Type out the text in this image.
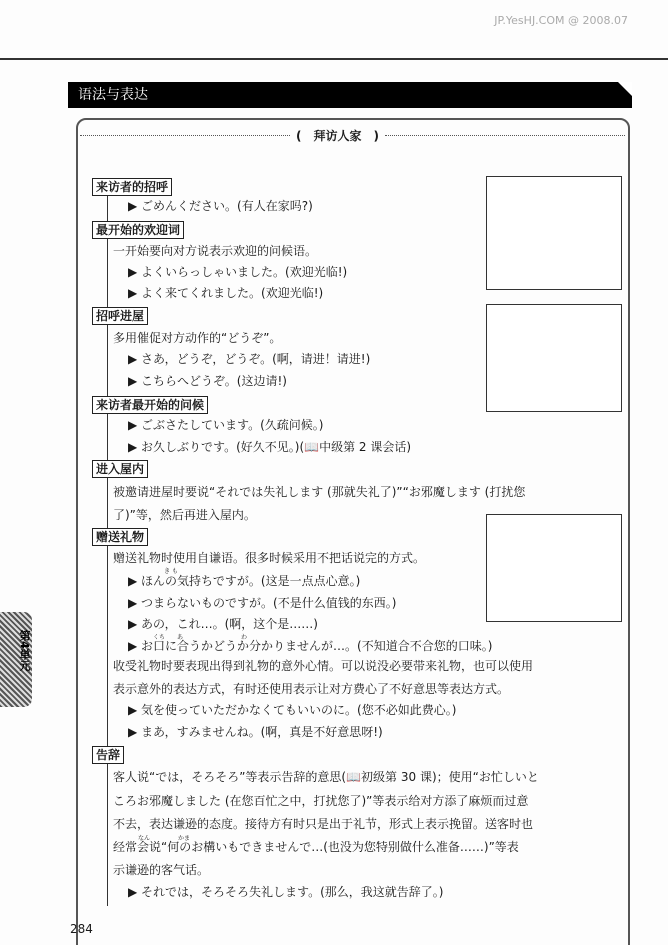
JP.YesHJ.COM @ 2008.07
语法与表达
(　拜访人家　)
来访者的招呼
▶ ごめんください。(有人在家吗?)
最开始的欢迎词
一开始要向对方说表示欢迎的问候语。
▶ よくいらっしゃいました。(欢迎光临!)
▶ よく来てくれました。(欢迎光临!)
招呼进屋
多用催促对方动作的“どうぞ”。
▶ さあ，どうぞ，どうぞ。(啊，请进！请进!)
▶ こちらへどうぞ。(这边请!)
来访者最开始的问候
▶ ごぶさたしています。(久疏问候。)
▶ お久しぶりです。(好久不见。)(📖中级第 2 课会话)
进入屋内
被邀请进屋时要说“それでは失礼します (那就失礼了)”“お邪魔します (打扰您
了)”等，然后再进入屋内。
赠送礼物
赠送礼物时使用自谦语。很多时候采用不把话说完的方式。
き も
▶ ほんの気持ちですが。(这是一点点心意。)
▶ つまらないものですが。(不是什么值钱的东西。)
▶ あの，これ…。(啊，这个是……)
くち あ	わ
▶ お口に合うかどうか分かりませんが…。(不知道合不合您的口味。)
收受礼物时要表现出得到礼物的意外心情。可以说没必要带来礼物，也可以使用
表示意外的表达方式，有时还使用表示让对方费心了不好意思等表达方式。
▶ 気を使っていただかなくてもいいのに。(您不必如此费心。)
▶ まあ，すみませんね。(啊，真是不好意思呀!)
告辞
客人说“では，そろそろ”等表示告辞的意思(📖初级第 30 课)；使用“お忙しいと
ころお邪魔しました (在您百忙之中，打扰您了)”等表示给对方添了麻烦而过意
不去，表达谦逊的态度。接待方有时只是出于礼节，形式上表示挽留。送客时也
なん	かま
经常会说“何のお構いもできませんで…(也没为您特别做什么准备……)”等表
示谦逊的客气话。
▶ それでは，そろそろ失礼します。(那么，我这就告辞了。)
第4単元
284
